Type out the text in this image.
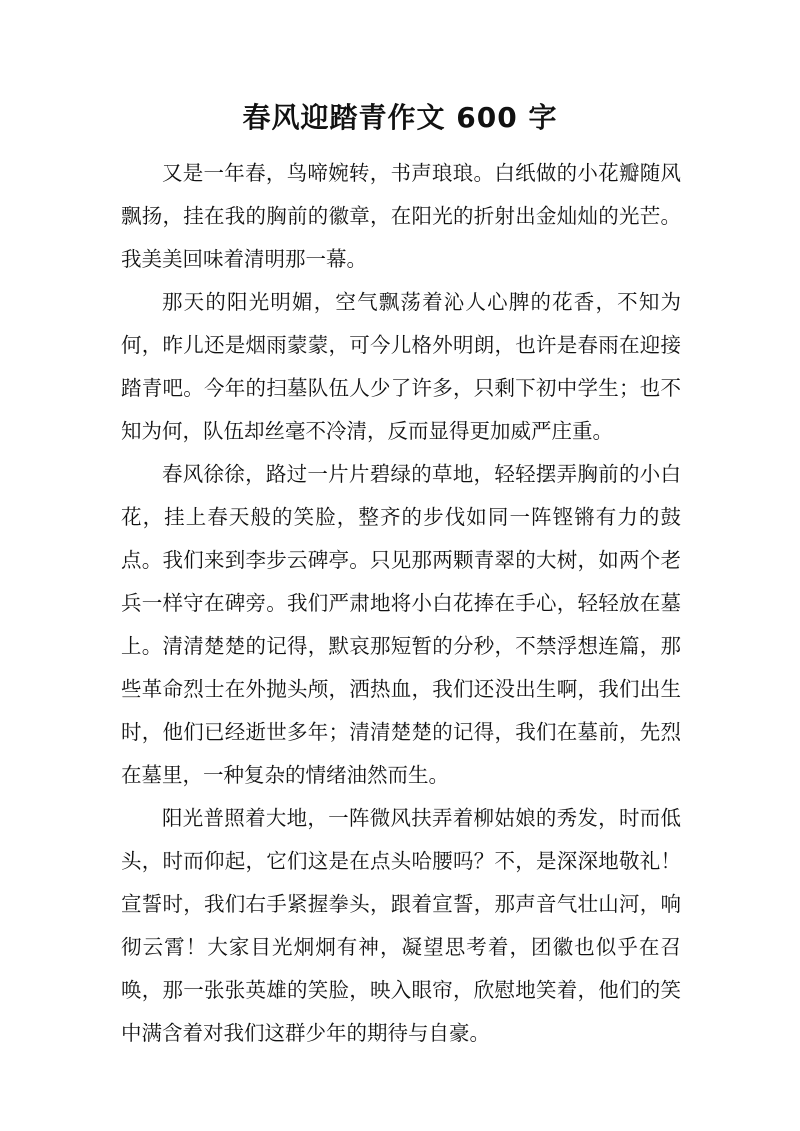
春风迎踏青作文 600 字

又是一年春，鸟啼婉转，书声琅琅。白纸做的小花瓣随风飘扬，挂在我的胸前的徽章，在阳光的折射出金灿灿的光芒。我美美回味着清明那一幕。

那天的阳光明媚，空气飘荡着沁人心脾的花香，不知为何，昨儿还是烟雨蒙蒙，可今儿格外明朗，也许是春雨在迎接踏青吧。今年的扫墓队伍人少了许多，只剩下初中学生；也不知为何，队伍却丝毫不冷清，反而显得更加威严庄重。

春风徐徐，路过一片片碧绿的草地，轻轻摆弄胸前的小白花，挂上春天般的笑脸，整齐的步伐如同一阵铿锵有力的鼓点。我们来到李步云碑亭。只见那两颗青翠的大树，如两个老兵一样守在碑旁。我们严肃地将小白花捧在手心，轻轻放在墓上。清清楚楚的记得，默哀那短暂的分秒，不禁浮想连篇，那些革命烈士在外抛头颅，洒热血，我们还没出生啊，我们出生时，他们已经逝世多年；清清楚楚的记得，我们在墓前，先烈在墓里，一种复杂的情绪油然而生。

阳光普照着大地，一阵微风扶弄着柳姑娘的秀发，时而低头，时而仰起，它们这是在点头哈腰吗？不，是深深地敬礼！宣誓时，我们右手紧握拳头，跟着宣誓，那声音气壮山河，响彻云霄！大家目光炯炯有神，凝望思考着，团徽也似乎在召唤，那一张张英雄的笑脸，映入眼帘，欣慰地笑着，他们的笑中满含着对我们这群少年的期待与自豪。
